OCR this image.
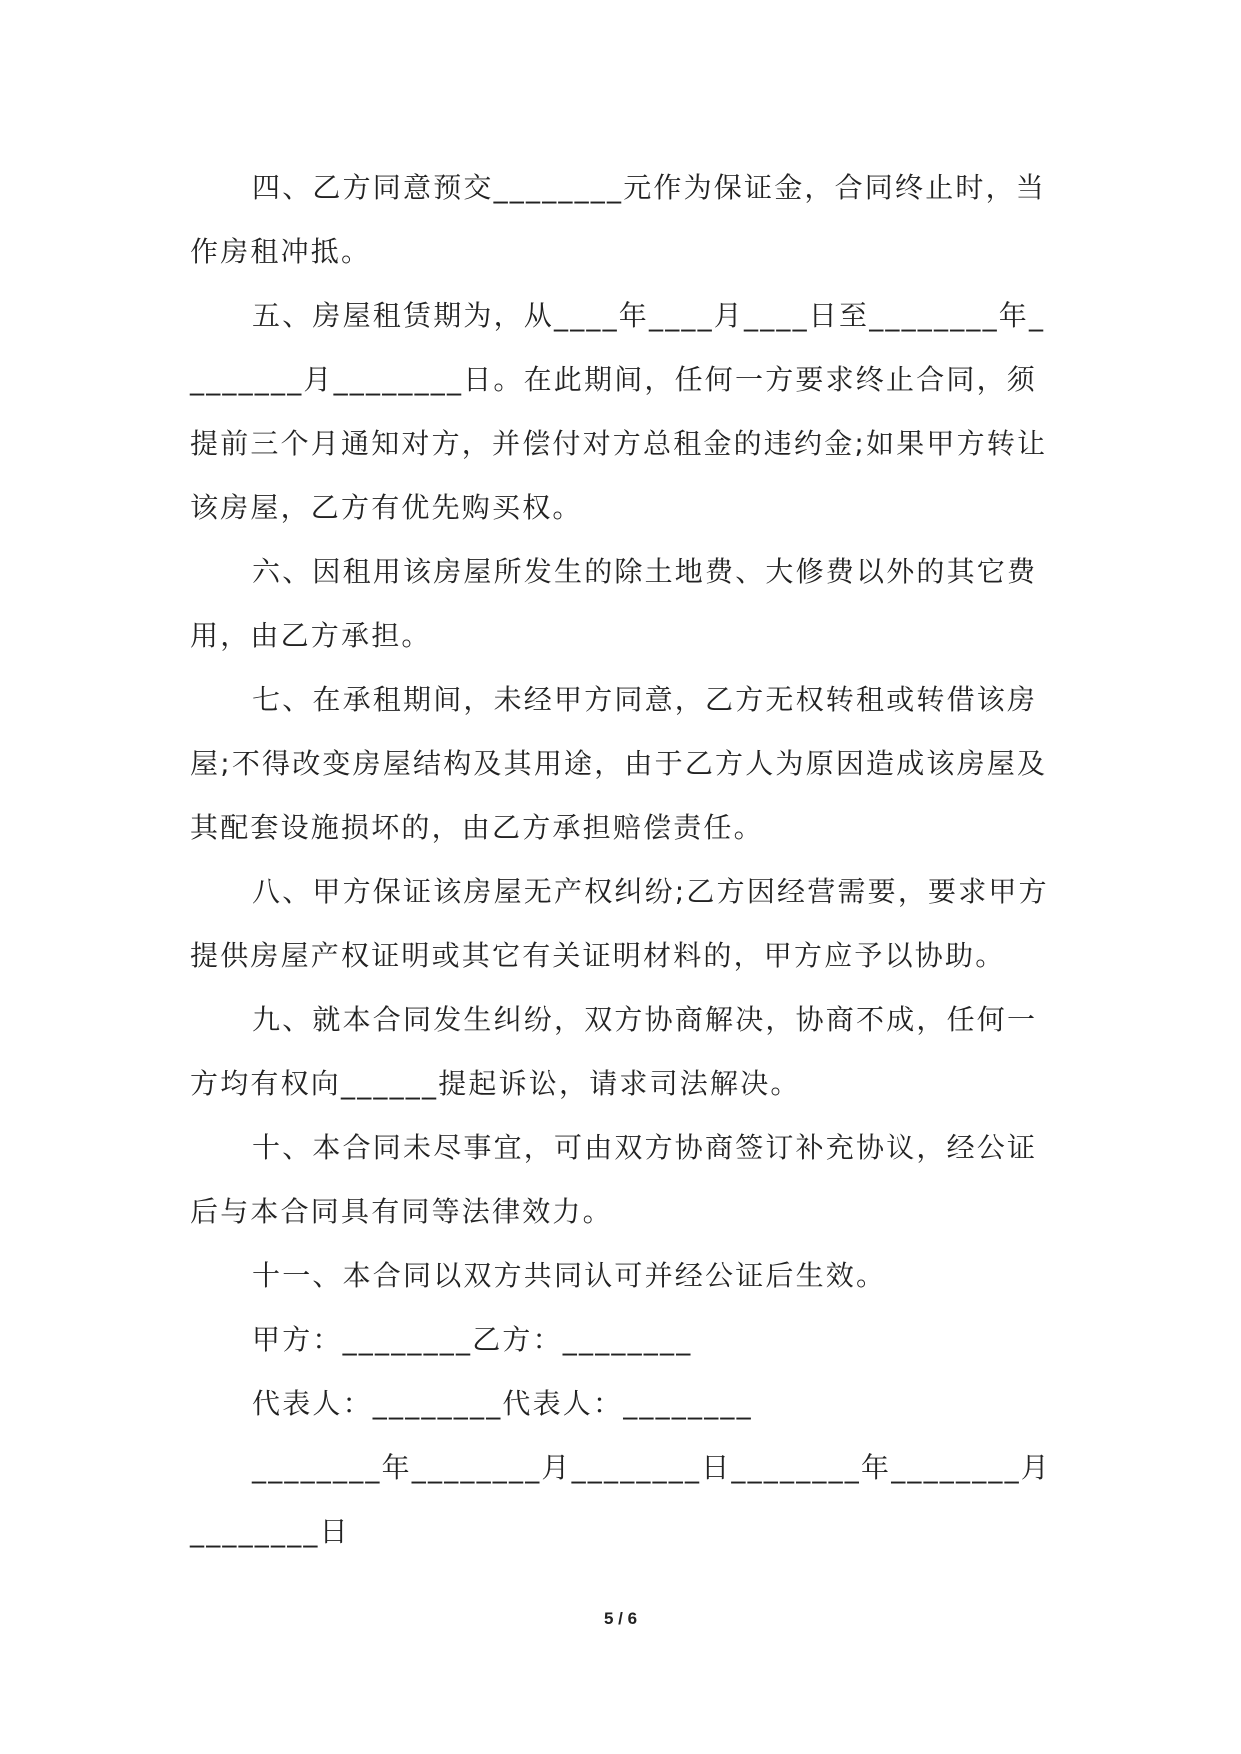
四、乙方同意预交________元作为保证金，合同终止时，当作房租冲抵。

五、房屋租赁期为，从____年____月____日至________年________月________日。在此期间，任何一方要求终止合同，须提前三个月通知对方，并偿付对方总租金的违约金;如果甲方转让该房屋，乙方有优先购买权。

六、因租用该房屋所发生的除土地费、大修费以外的其它费用，由乙方承担。

七、在承租期间，未经甲方同意，乙方无权转租或转借该房屋;不得改变房屋结构及其用途，由于乙方人为原因造成该房屋及其配套设施损坏的，由乙方承担赔偿责任。

八、甲方保证该房屋无产权纠纷;乙方因经营需要，要求甲方提供房屋产权证明或其它有关证明材料的，甲方应予以协助。

九、就本合同发生纠纷，双方协商解决，协商不成，任何一方均有权向______提起诉讼，请求司法解决。

十、本合同未尽事宜，可由双方协商签订补充协议，经公证后与本合同具有同等法律效力。

十一、本合同以双方共同认可并经公证后生效。

甲方：________乙方：________

代表人：________代表人：________

________年________月________日________年________月

________日

5 / 6
